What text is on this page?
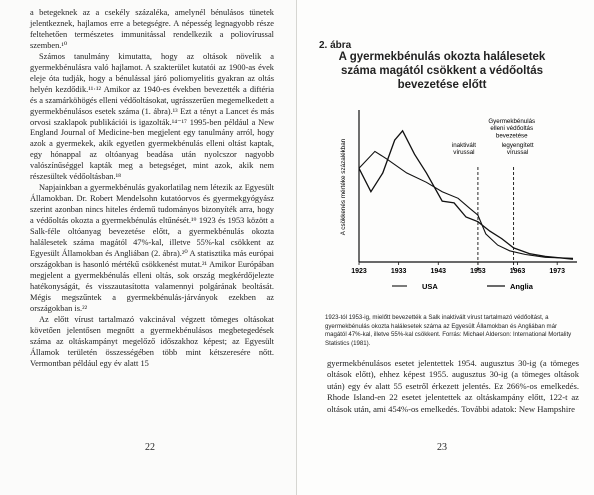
a betegeknek az a csekély százaléka, amelynél bénulásos tünetek jelentkeznek, hajlamos erre a betegségre. A népesség legnagyobb része feltehetően természetes immunitással rendelkezik a poliovírussal szemben.¹⁰

Számos tanulmány kimutatta, hogy az oltások növelik a gyermekbénulásra való hajlamot. A szakterület kutatói az 1900-as évek eleje óta tudják, hogy a bénulással járó poliomyelitis gyakran az oltás helyén kezdődik.¹¹·¹² Amikor az 1940-es években bevezették a diftéria és a szamárköhögés elleni védőoltásokat, ugrásszerűen megemelkedett a gyermekbénulásos esetek száma (1. ábra).¹³ Ezt a tényt a Lancet és más orvosi szaklapok publikációi is igazolták.¹⁴⁻¹⁷ 1995-ben például a New England Journal of Medicine-ben megjelent egy tanulmány arról, hogy azok a gyermekek, akik egyetlen gyermekbénulás elleni oltást kaptak, egy hónappal az oltóanyag beadása után nyolcszor nagyobb valószínűséggel kapták meg a betegséget, mint azok, akik nem részesültek védőoltásban.¹⁸

Napjainkban a gyermekbénulás gyakorlatilag nem létezik az Egyesült Államokban. Dr. Robert Mendelsohn kutatóorvos és gyermekgyógyász szerint azonban nincs hiteles érdemű tudományos bizonyíték arra, hogy a védőoltás okozta a gyermekbénulás eltűnését.¹⁹ 1923 és 1953 között a Salk-féle oltóanyag bevezetése előtt, a gyermekbénulás okozta halálesetek száma magától 47%-kal, illetve 55%-kal csökkent az Egyesült Államokban és Angliában (2. ábra).²⁰ A statisztika más európai országokban is hasonló mértékű csökkenést mutat.²¹ Amikor Európában megjelent a gyermekbénulás elleni oltás, sok ország megkérdőjelezte hatékonyságát, és visszautasította valamennyi polgárának beoltását. Mégis megszűntek a gyermekbénulás-járványok ezekben az országokban is.²²

Az előtt vírust tartalmazó vakcinával végzett tömeges oltásokat követően jelentősen megnőtt a gyermekbénulásos megbetegedések száma az oltáskampányt megelőző időszakhoz képest; az Egyesült Államok területén összességében több mint kétszeresére nőtt. Vermontban például egy év alatt 15

22
2. ábra
A gyermekbénulás okozta halálesetek száma magától csökkent a védőoltás bevezetése előtt
A csökkenés mértéke százalékban
1923	1933	1943	1953	1963	1973
Gyermekbénulás
elleni védőoltás
bevezetése
inaktivált
vírussal
legyengített
vírussal
USA	Anglia
1923-tól 1953-ig, mielőtt bevezették a Salk inaktivált vírust tartalmazó védőoltást, a gyermekbénulás okozta halálesetek száma az Egyesült Államokban és Angliában már magától 47%-kal, illetve 55%-kal csökkent. Forrás: Michael Alderson: International Mortality Statistics (1981).

gyermekbénulásos esetet jelentettek 1954. augusztus 30-ig (a tömeges oltások előtt), ehhez képest 1955. augusztus 30-ig (a tömeges oltások után) egy év alatt 55 esetről érkezett jelentés. Ez 266%-os emelkedés. Rhode Island-en 22 esetet jelentettek az oltáskampány előtt, 122-t az oltások után, ami 454%-os emelkedés. További adatok: New Hampshire

23
